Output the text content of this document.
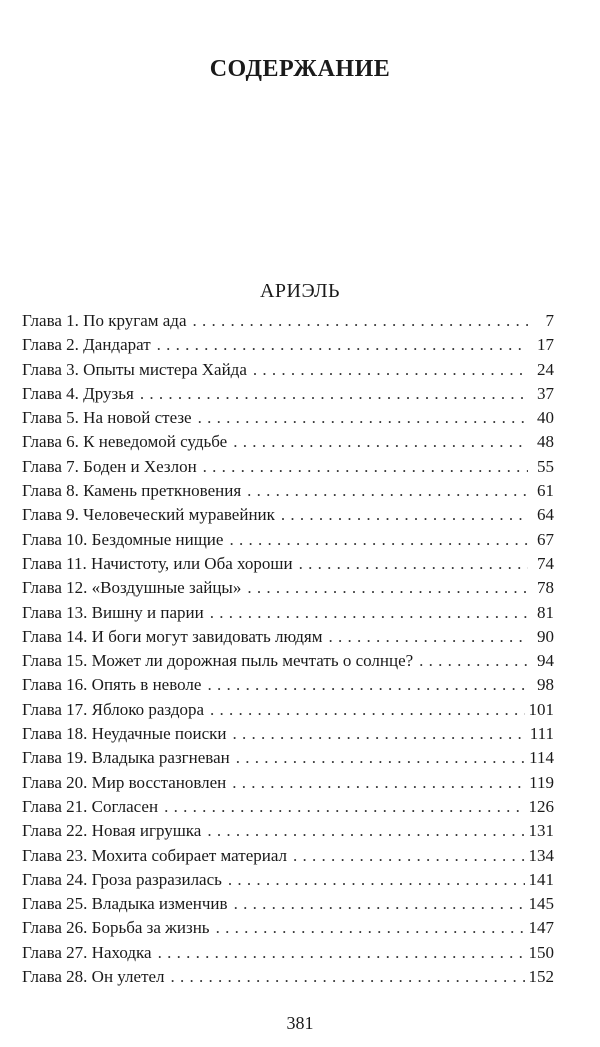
СОДЕРЖАНИЕ
АРИЭЛЬ
Глава 1. По кругам ада . . .	7
Глава 2. Дандарат . . .	17
Глава 3. Опыты мистера Хайда . . .	24
Глава 4. Друзья . . .	37
Глава 5. На новой стезе . . .	40
Глава 6. К неведомой судьбе . . .	48
Глава 7. Боден и Хезлон . . .	55
Глава 8. Камень преткновения . . .	61
Глава 9. Человеческий муравейник . . .	64
Глава 10. Бездомные нищие . . .	67
Глава 11. Начистоту, или Оба хороши . . .	74
Глава 12. «Воздушные зайцы» . . .	78
Глава 13. Вишну и парии . . .	81
Глава 14. И боги могут завидовать людям . . .	90
Глава 15. Может ли дорожная пыль мечтать о солнце? . . .	94
Глава 16. Опять в неволе . . .	98
Глава 17. Яблоко раздора . . .	101
Глава 18. Неудачные поиски . . .	111
Глава 19. Владыка разгневан . . .	114
Глава 20. Мир восстановлен . . .	119
Глава 21. Согласен . . .	126
Глава 22. Новая игрушка . . .	131
Глава 23. Мохита собирает материал . . .	134
Глава 24. Гроза разразилась . . .	141
Глава 25. Владыка изменчив . . .	145
Глава 26. Борьба за жизнь . . .	147
Глава 27. Находка . . .	150
Глава 28. Он улетел . . .	152
381
